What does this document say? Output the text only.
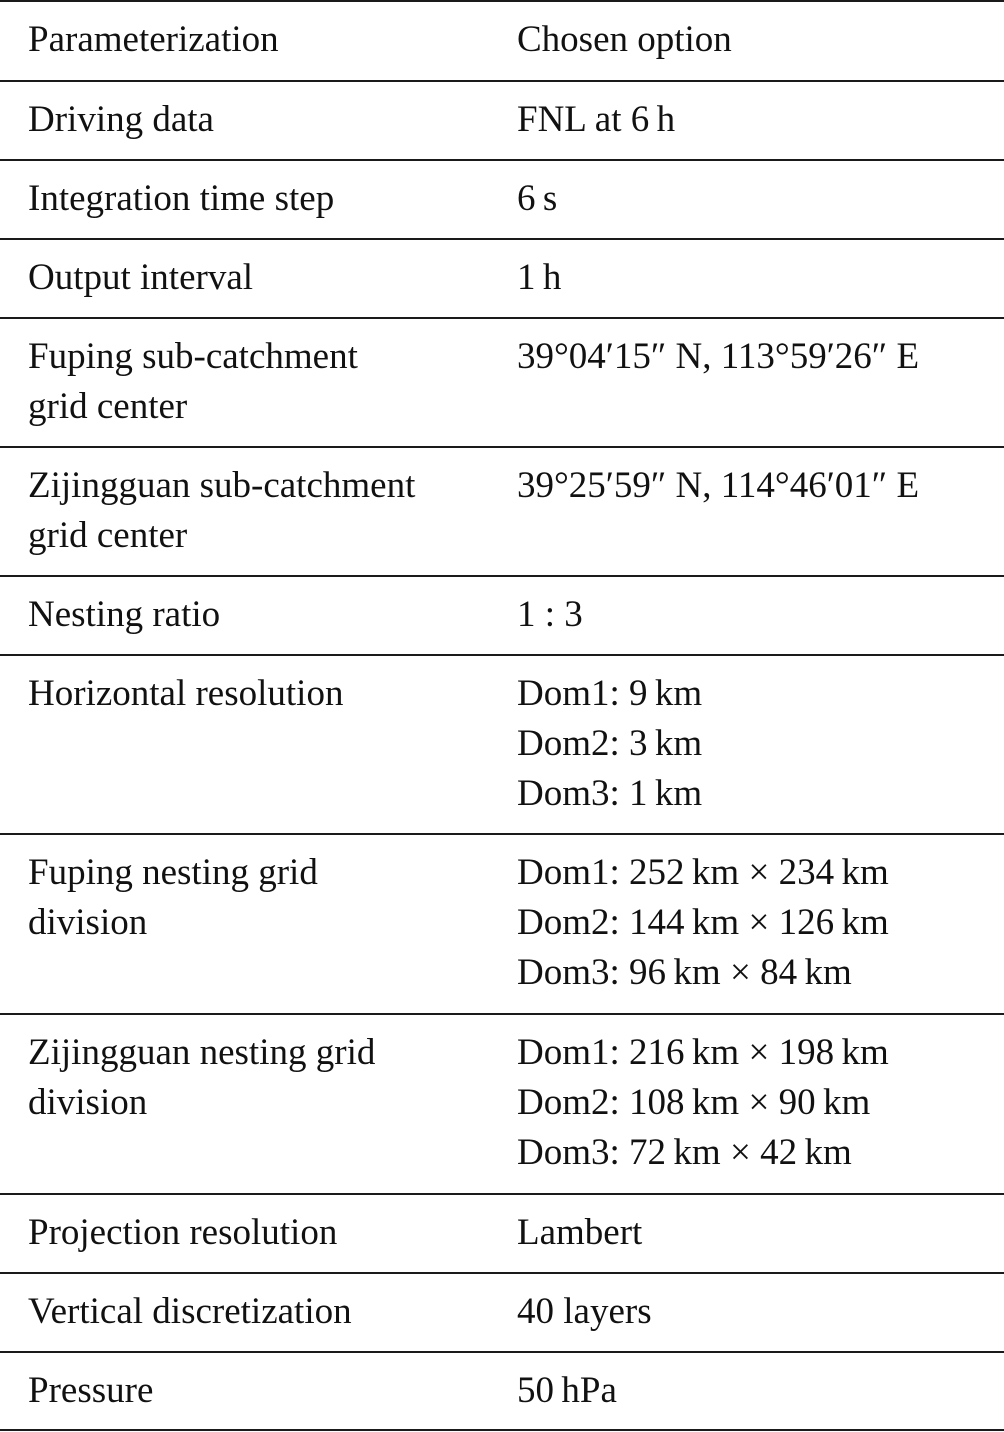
Parameterization	Chosen option

Driving data	FNL at 6 h

Integration time step	6 s

Output interval	1 h

Fuping sub-catchment
grid center	39°04′15″ N, 113°59′26″ E

Zijingguan sub-catchment
grid center	39°25′59″ N, 114°46′01″ E

Nesting ratio	1 : 3

Horizontal resolution	Dom1: 9 km
Dom2: 3 km
Dom3: 1 km

Fuping nesting grid
division	Dom1: 252 km × 234 km
Dom2: 144 km × 126 km
Dom3: 96 km × 84 km

Zijingguan nesting grid
division	Dom1: 216 km × 198 km
Dom2: 108 km × 90 km
Dom3: 72 km × 42 km

Projection resolution	Lambert

Vertical discretization	40 layers

Pressure	50 hPa
